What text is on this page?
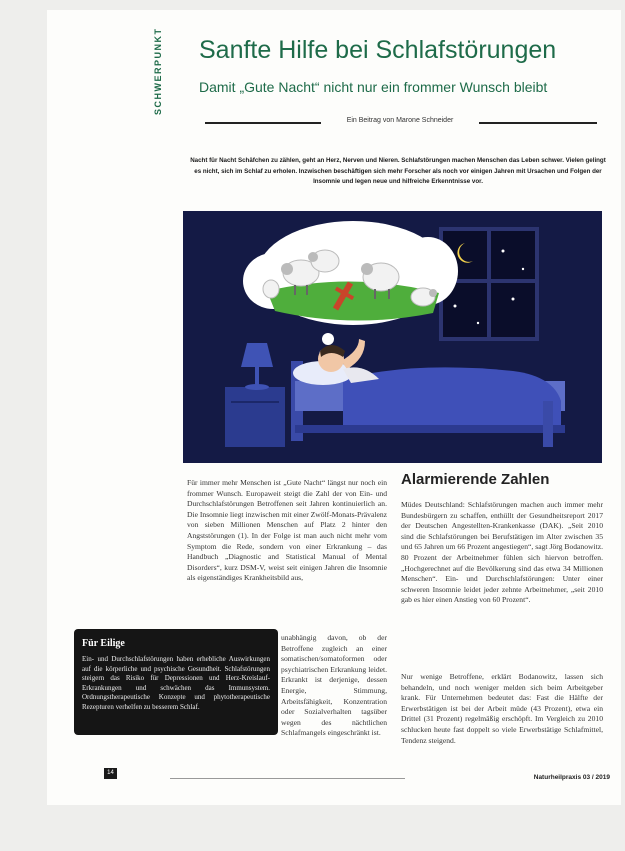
SCHWERPUNKT	Sanfte Hilfe bei Schlafstörungen

Damit „Gute Nacht“ nicht nur ein frommer Wunsch bleibt

Ein Beitrag von Marone Schneider
Nacht für Nacht Schäfchen zu zählen, geht an Herz, Nerven und Nieren. Schlafstörungen machen Menschen das Leben schwer. Vielen gelingt es nicht, sich im Schlaf zu erholen. Inzwischen beschäftigen sich mehr Forscher als noch vor einigen Jahren mit Ursachen und Folgen der Insomnie und legen neue und hilfreiche Erkenntnisse vor.
Für immer mehr Menschen ist „Gute Nacht“ längst nur noch ein frommer Wunsch. Europaweit steigt die Zahl der von Ein- und Durchschlafstörungen Betroffenen seit Jahren kontinuierlich an. Die Insomnie liegt inzwischen mit einer Zwölf-Monats-Prävalenz von sieben Millionen Menschen auf Platz 2 hinter den Angststörungen (1). In der Folge ist man auch nicht mehr vom Symptom die Rede, sondern von einer Erkrankung – das Handbuch „Diagnostic and Statistical Manual of Mental Disorders“, kurz DSM-V, weist seit einigen Jahren die Insomnie als eigenständiges Krankheitsbild aus,
unabhängig davon, ob der Betroffene zugleich an einer somatischen/somatoformen oder psychiatrischen Erkrankung leidet. Erkrankt ist derjenige, dessen Energie, Stimmung, Arbeitsfähigkeit, Konzentration oder Sozialverhalten tagsüber wegen des nächtlichen Schlafmangels eingeschränkt ist.
Alarmierende Zahlen
Müdes Deutschland: Schlafstörungen machen auch immer mehr Bundesbürgern zu schaffen, enthüllt der Gesundheitsreport 2017 der Deutschen Angestellten-Krankenkasse (DAK). „Seit 2010 sind die Schlafstörungen bei Berufstätigen im Alter zwischen 35 und 65 Jahren um 66 Prozent angestiegen“, sagt Jörg Bodanowitz. 80 Prozent der Arbeitnehmer fühlen sich hiervon betroffen. „Hochgerechnet auf die Bevölkerung sind das etwa 34 Millionen Menschen“. Ein- und Durchschlafstörungen: Unter einer schweren Insomnie leidet jeder zehnte Arbeitnehmer, „seit 2010 gab es hier einen Anstieg von 60 Prozent“.
Nur wenige Betroffene, erklärt Bodanowitz, lassen sich behandeln, und noch weniger melden sich beim Arbeitgeber krank. Für Unternehmen bedeutet das: Fast die Hälfte der Erwerbstätigen ist bei der Arbeit müde (43 Prozent), etwa ein Drittel (31 Prozent) regelmäßig erschöpft. Im Vergleich zu 2010 schlucken heute fast doppelt so viele Erwerbstätige Schlafmittel, Tendenz steigend.
Für Eilige
Ein- und Durchschlafstörungen haben erhebliche Auswirkungen auf die körperliche und psychische Gesundheit. Schlafstörungen steigern das Risiko für Depressionen und Herz-Kreislauf-Erkrankungen und schwächen das Immunsystem. Ordnungstherapeutische Konzepte und phytotherapeutische Rezepturen verhelfen zu besserem Schlaf.
14
Naturheilpraxis 03 / 2019
